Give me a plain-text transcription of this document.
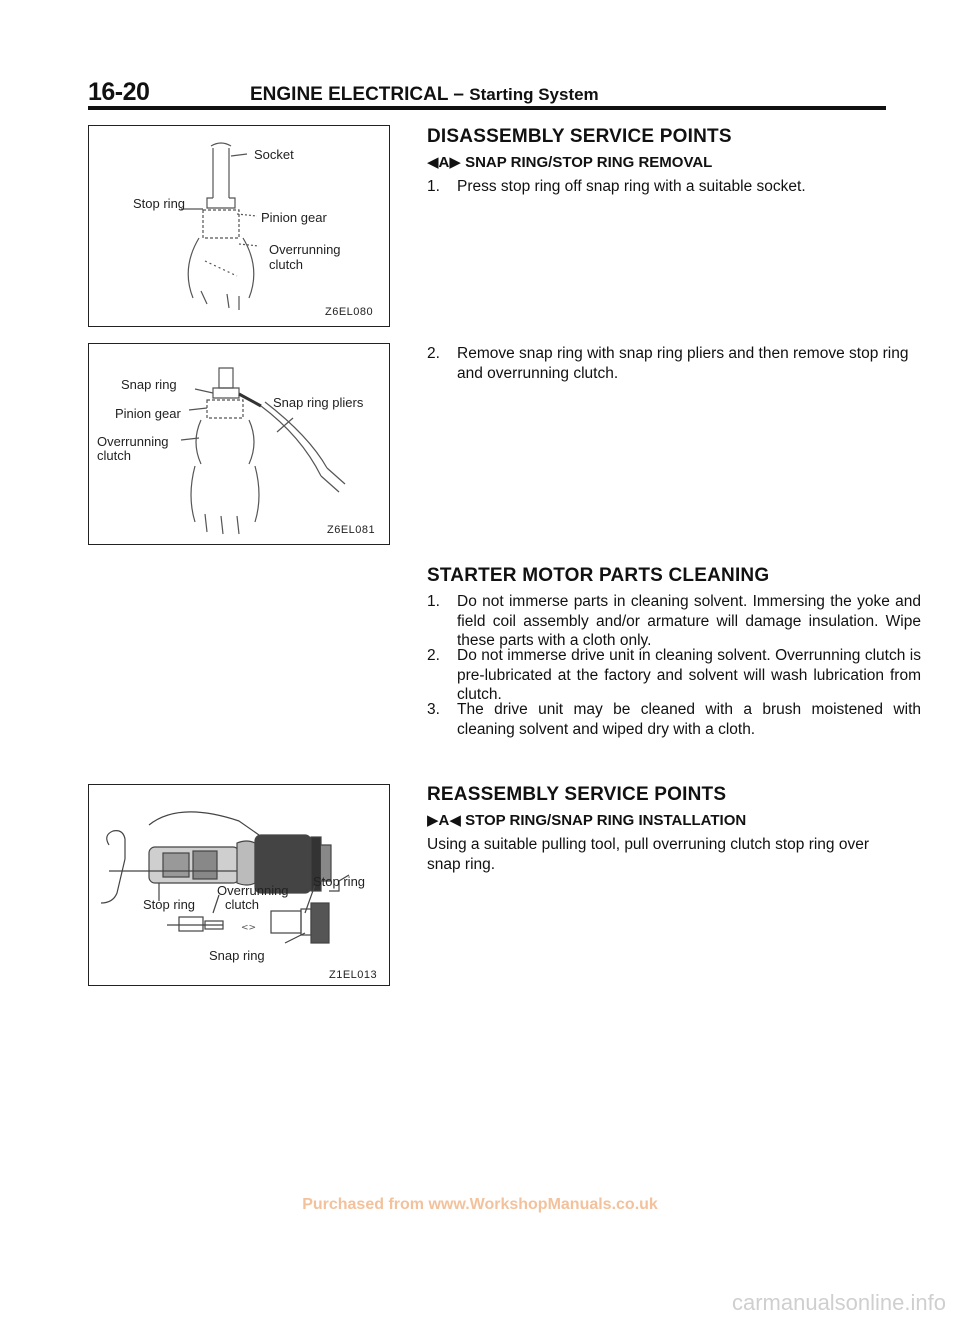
16-20	ENGINE ELECTRICAL – Starting System
Socket
Stop ring
Pinion gear
Overrunning
clutch
Z6EL080
Snap ring
Pinion gear
Overrunning
clutch
Snap ring pliers
Z6EL081
<>
Overrunning
clutch
Stop ring
Stop ring
Snap ring
Z1EL013
DISASSEMBLY SERVICE POINTS
◀A▶ SNAP RING/STOP RING REMOVAL
1. Press stop ring off snap ring with a suitable socket.
2. Remove snap ring with snap ring pliers and then remove stop ring and overrunning clutch.
STARTER MOTOR PARTS CLEANING
1. Do not immerse parts in cleaning solvent. Immersing the yoke and field coil assembly and/or armature will damage insulation. Wipe these parts with a cloth only.
2. Do not immerse drive unit in cleaning solvent. Overrunning clutch is pre-lubricated at the factory and solvent will wash lubrication from clutch.
3. The drive unit may be cleaned with a brush moistened with cleaning solvent and wiped dry with a cloth.
REASSEMBLY SERVICE POINTS
▶A◀ STOP RING/SNAP RING INSTALLATION
Using a suitable pulling tool, pull overruning clutch stop ring over snap ring.
Purchased from www.WorkshopManuals.co.uk
carmanualsonline.info
